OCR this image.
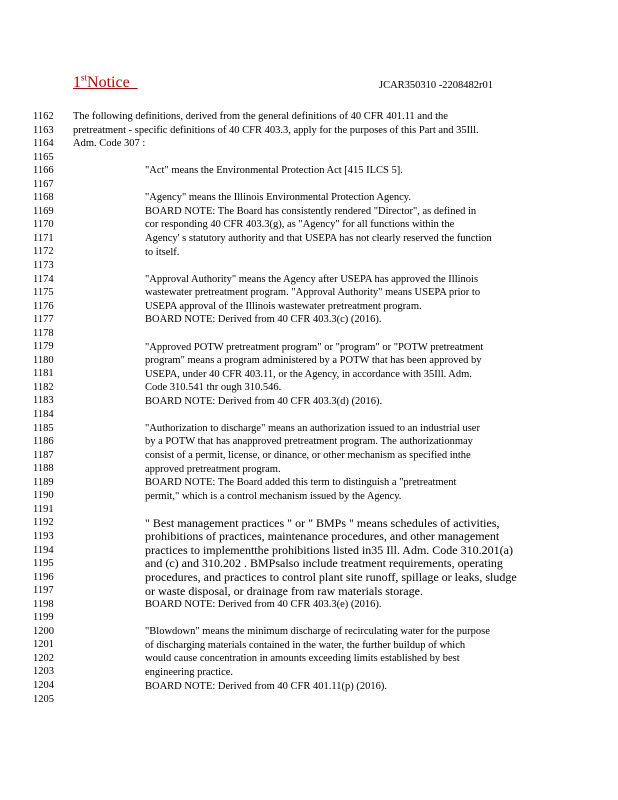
1stNotice	JCAR350310 -2208482r01
1162
1163
1164
1165
1166
1167
1168
1169
1170
1171
1172
1173
1174
1175
1176
1177
1178
1179
1180
1181
1182
1183
1184
1185
1186
1187
1188
1189
1190
1191
1192
1193
1194
1195
1196
1197
1198
1199
1200
1201
1202
1203
1204
1205
The following definitions, derived from the general definitions of 40 CFR 401.11 and the
pretreatment - specific definitions of 40 CFR 403.3, apply for the purposes of this Part and 35Ill.
Adm. Code 307 :
"Act" means the Environmental Protection Act [415 ILCS 5].
"Agency" means the Illinois Environmental Protection Agency.
BOARD NOTE: The Board has consistently rendered "Director", as defined in
cor responding 40 CFR 403.3(g), as "Agency" for all functions within the
Agency' s statutory authority and that USEPA has not clearly reserved the function
to itself.
"Approval Authority" means the Agency after USEPA has approved the Illinois
wastewater pretreatment program. "Approval Authority" means USEPA prior to
USEPA approval of the Illinois wastewater pretreatment program.
BOARD NOTE: Derived from 40 CFR 403.3(c) (2016).
"Approved POTW pretreatment program" or "program" or "POTW pretreatment
program" means a program administered by a POTW that has been approved by
USEPA, under 40 CFR 403.11, or the Agency, in accordance with 35Ill. Adm.
Code 310.541 thr ough 310.546.
BOARD NOTE: Derived from 40 CFR 403.3(d) (2016).
"Authorization to discharge" means an authorization issued to an industrial user
by a POTW that has anapproved pretreatment program. The authorizationmay
consist of a permit, license, or dinance, or other mechanism as specified inthe
approved pretreatment program.
BOARD NOTE: The Board added this term to distinguish a "pretreatment
permit," which is a control mechanism issued by the Agency.
" Best management practices " or " BMPs " means schedules of activities,
prohibitions of practices, maintenance procedures, and other management
practices to implementthe prohibitions listed in35 Ill. Adm. Code 310.201(a)
and (c) and 310.202 . BMPsalso include treatment requirements, operating
procedures, and practices to control plant site runoff, spillage or leaks, sludge
or waste disposal, or drainage from raw materials storage.
BOARD NOTE: Derived from 40 CFR 403.3(e) (2016).
"Blowdown" means the minimum discharge of recirculating water for the purpose
of discharging materials contained in the water, the further buildup of which
would cause concentration in amounts exceeding limits established by best
engineering practice.
BOARD NOTE: Derived from 40 CFR 401.11(p) (2016).
